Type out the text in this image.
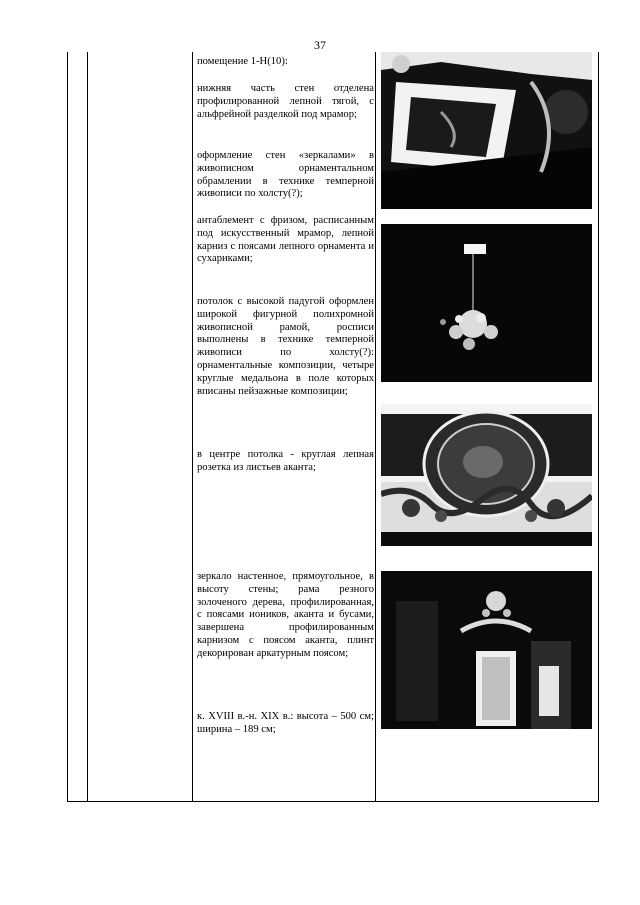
37

помещение 1-Н(10):

нижняя часть стен отделена профилированной лепной тягой, с альфрейной разделкой под мрамор;

оформление стен «зеркалами» в живописном орнаментальном обрамлении в технике темперной живописи по холсту(?);

антаблемент с фризом, расписанным под искусственный мрамор, лепной карниз с поясами лепного орнамента и сухариками;

потолок с высокой падугой оформлен широкой фигурной полихромной живописной рамой, росписи выполнены в технике темперной живописи по холсту(?): орнаментальные композиции, четыре круглые медальона в поле которых вписаны пейзажные композиции;

в центре потолка - круглая лепная розетка из листьев аканта;

зеркало настенное, прямоугольное, в высоту стены; рама резного золоченого дерева, профилированная, с поясами иоников, аканта и бусами, завершена профилированным карнизом с поясом аканта, плинт декорирован аркатурным поясом;

к. XVIII в.-н. XIX в.: высота – 500 см; ширина – 189 см;
